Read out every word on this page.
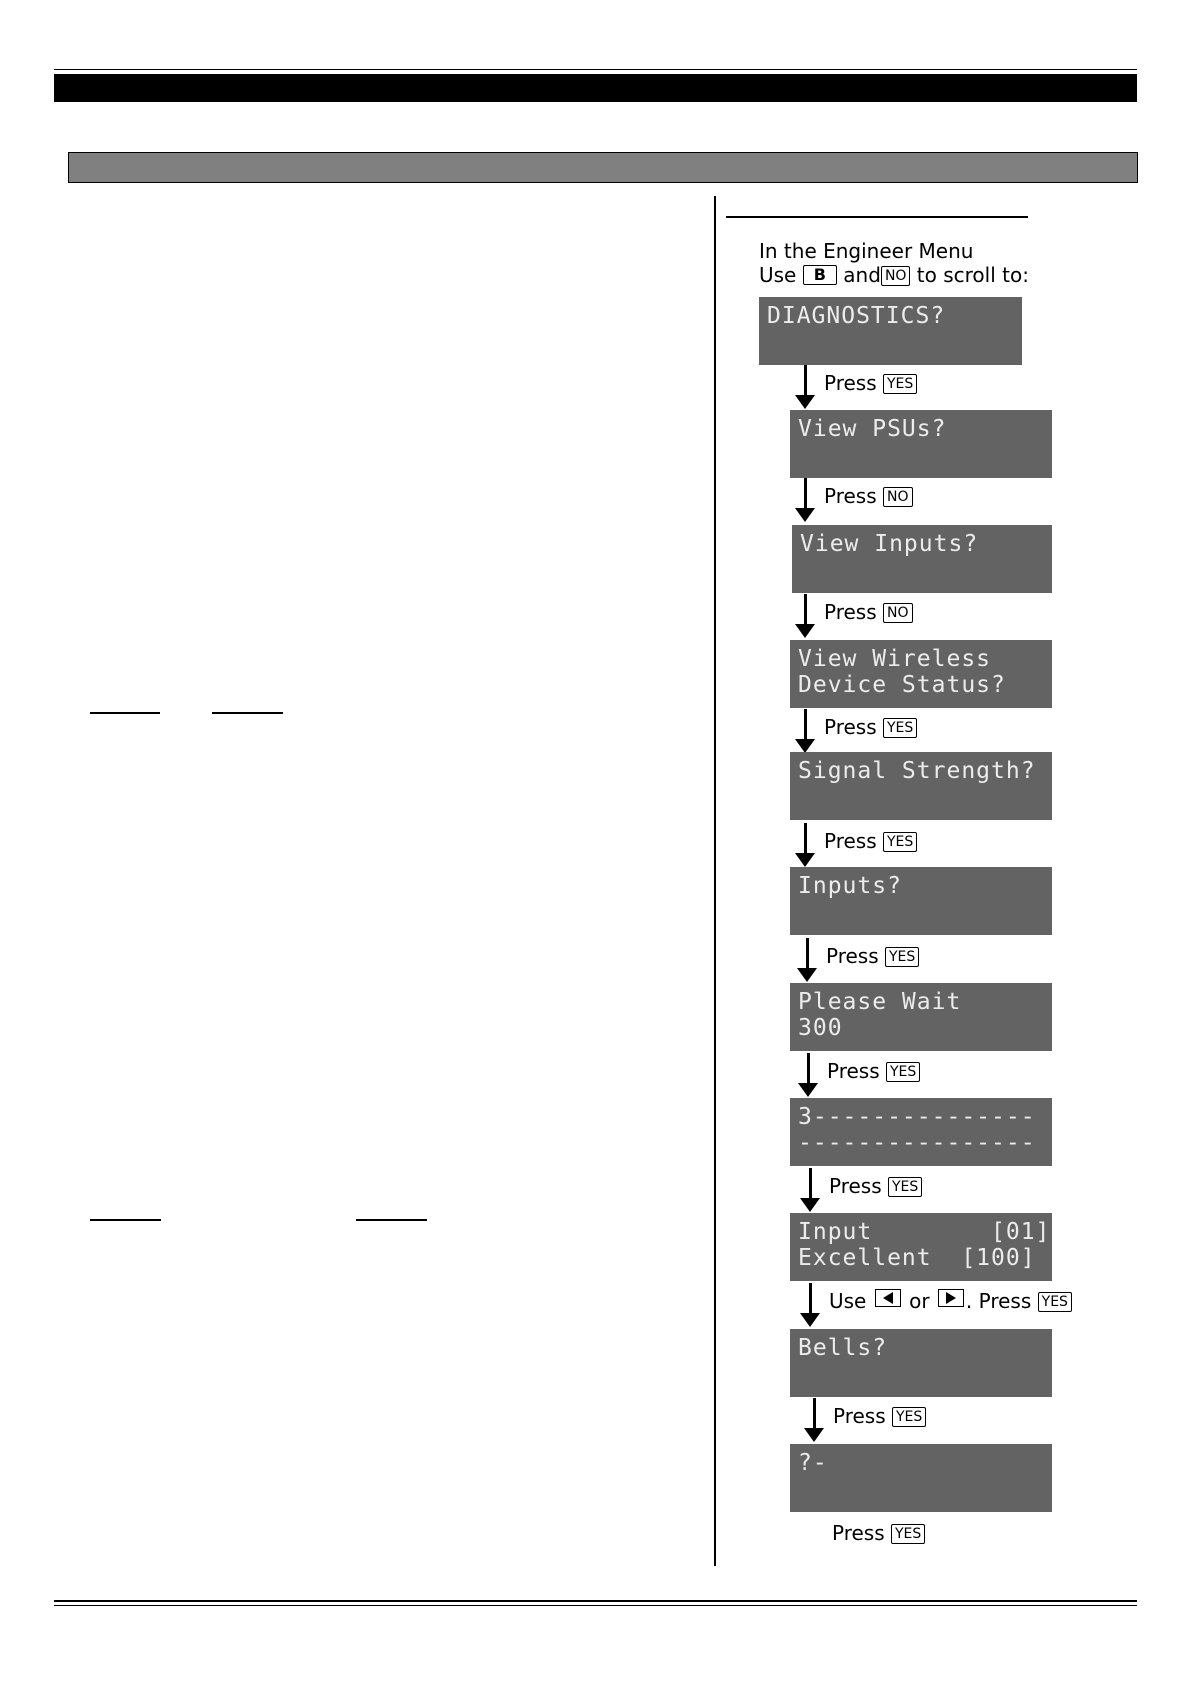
In the Engineer Menu
Use B and NO to scroll to:
DIAGNOSTICS?
Press YES
View PSUs?
Press NO
View Inputs?
Press NO
View Wireless
Device Status?
Press YES
Signal Strength?
Press YES
Inputs?
Press YES
Please Wait
300
Press YES
3---------------
----------------
Press YES
Input        [01]
Excellent  [100]
Use or . Press YES
Bells?
Press YES
?-
Press YES
